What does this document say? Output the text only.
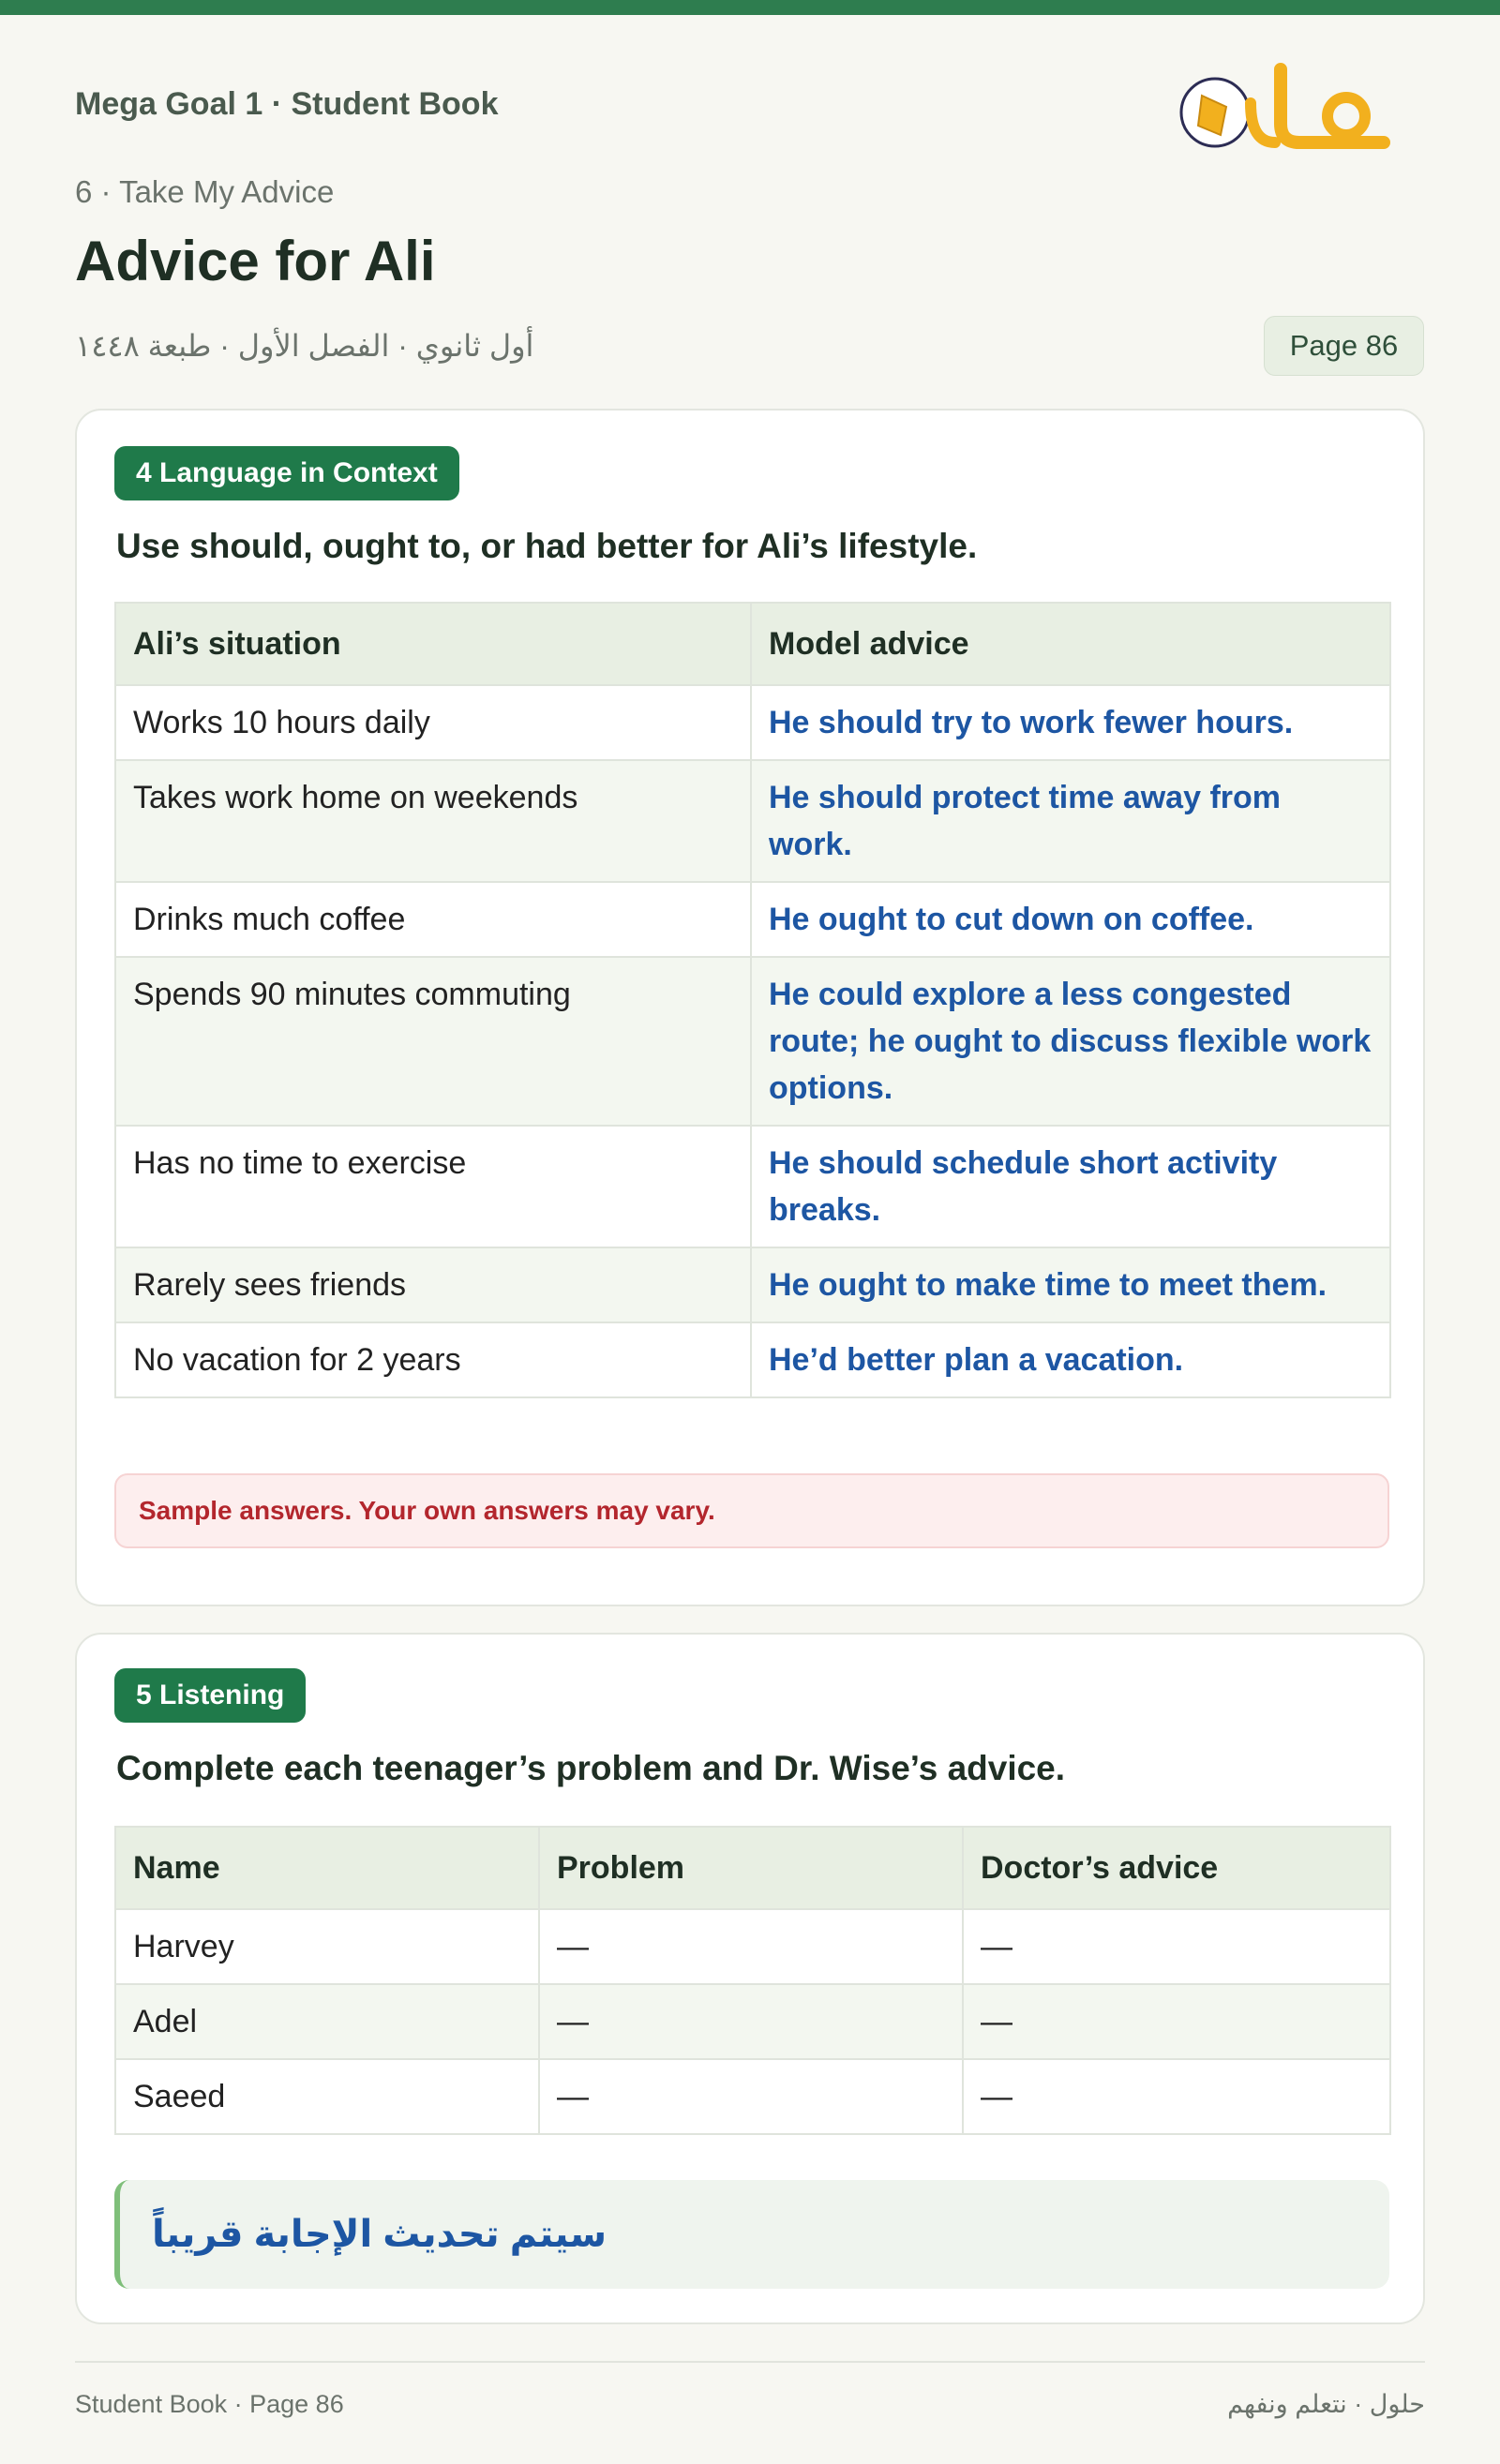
Mega Goal 1 · Student Book
6 · Take My Advice
Advice for Ali
أول ثانوي · الفصل الأول · طبعة ١٤٤٨	Page 86
4 Language in Context
Use should, ought to, or had better for Ali’s lifestyle.
Ali’s situation	Model advice
Works 10 hours daily	He should try to work fewer hours.
Takes work home on weekends	He should protect time away from work.
Drinks much coffee	He ought to cut down on coffee.
Spends 90 minutes commuting	He could explore a less congested route; he ought to discuss flexible work options.
Has no time to exercise	He should schedule short activity breaks.
Rarely sees friends	He ought to make time to meet them.
No vacation for 2 years	He’d better plan a vacation.
Sample answers. Your own answers may vary.
5 Listening
Complete each teenager’s problem and Dr. Wise’s advice.
Name	Problem	Doctor’s advice
Harvey	—	—
Adel	—	—
Saeed	—	—
سيتم تحديث الإجابة قريباً
Student Book · Page 86	حلول · نتعلم ونفهم
